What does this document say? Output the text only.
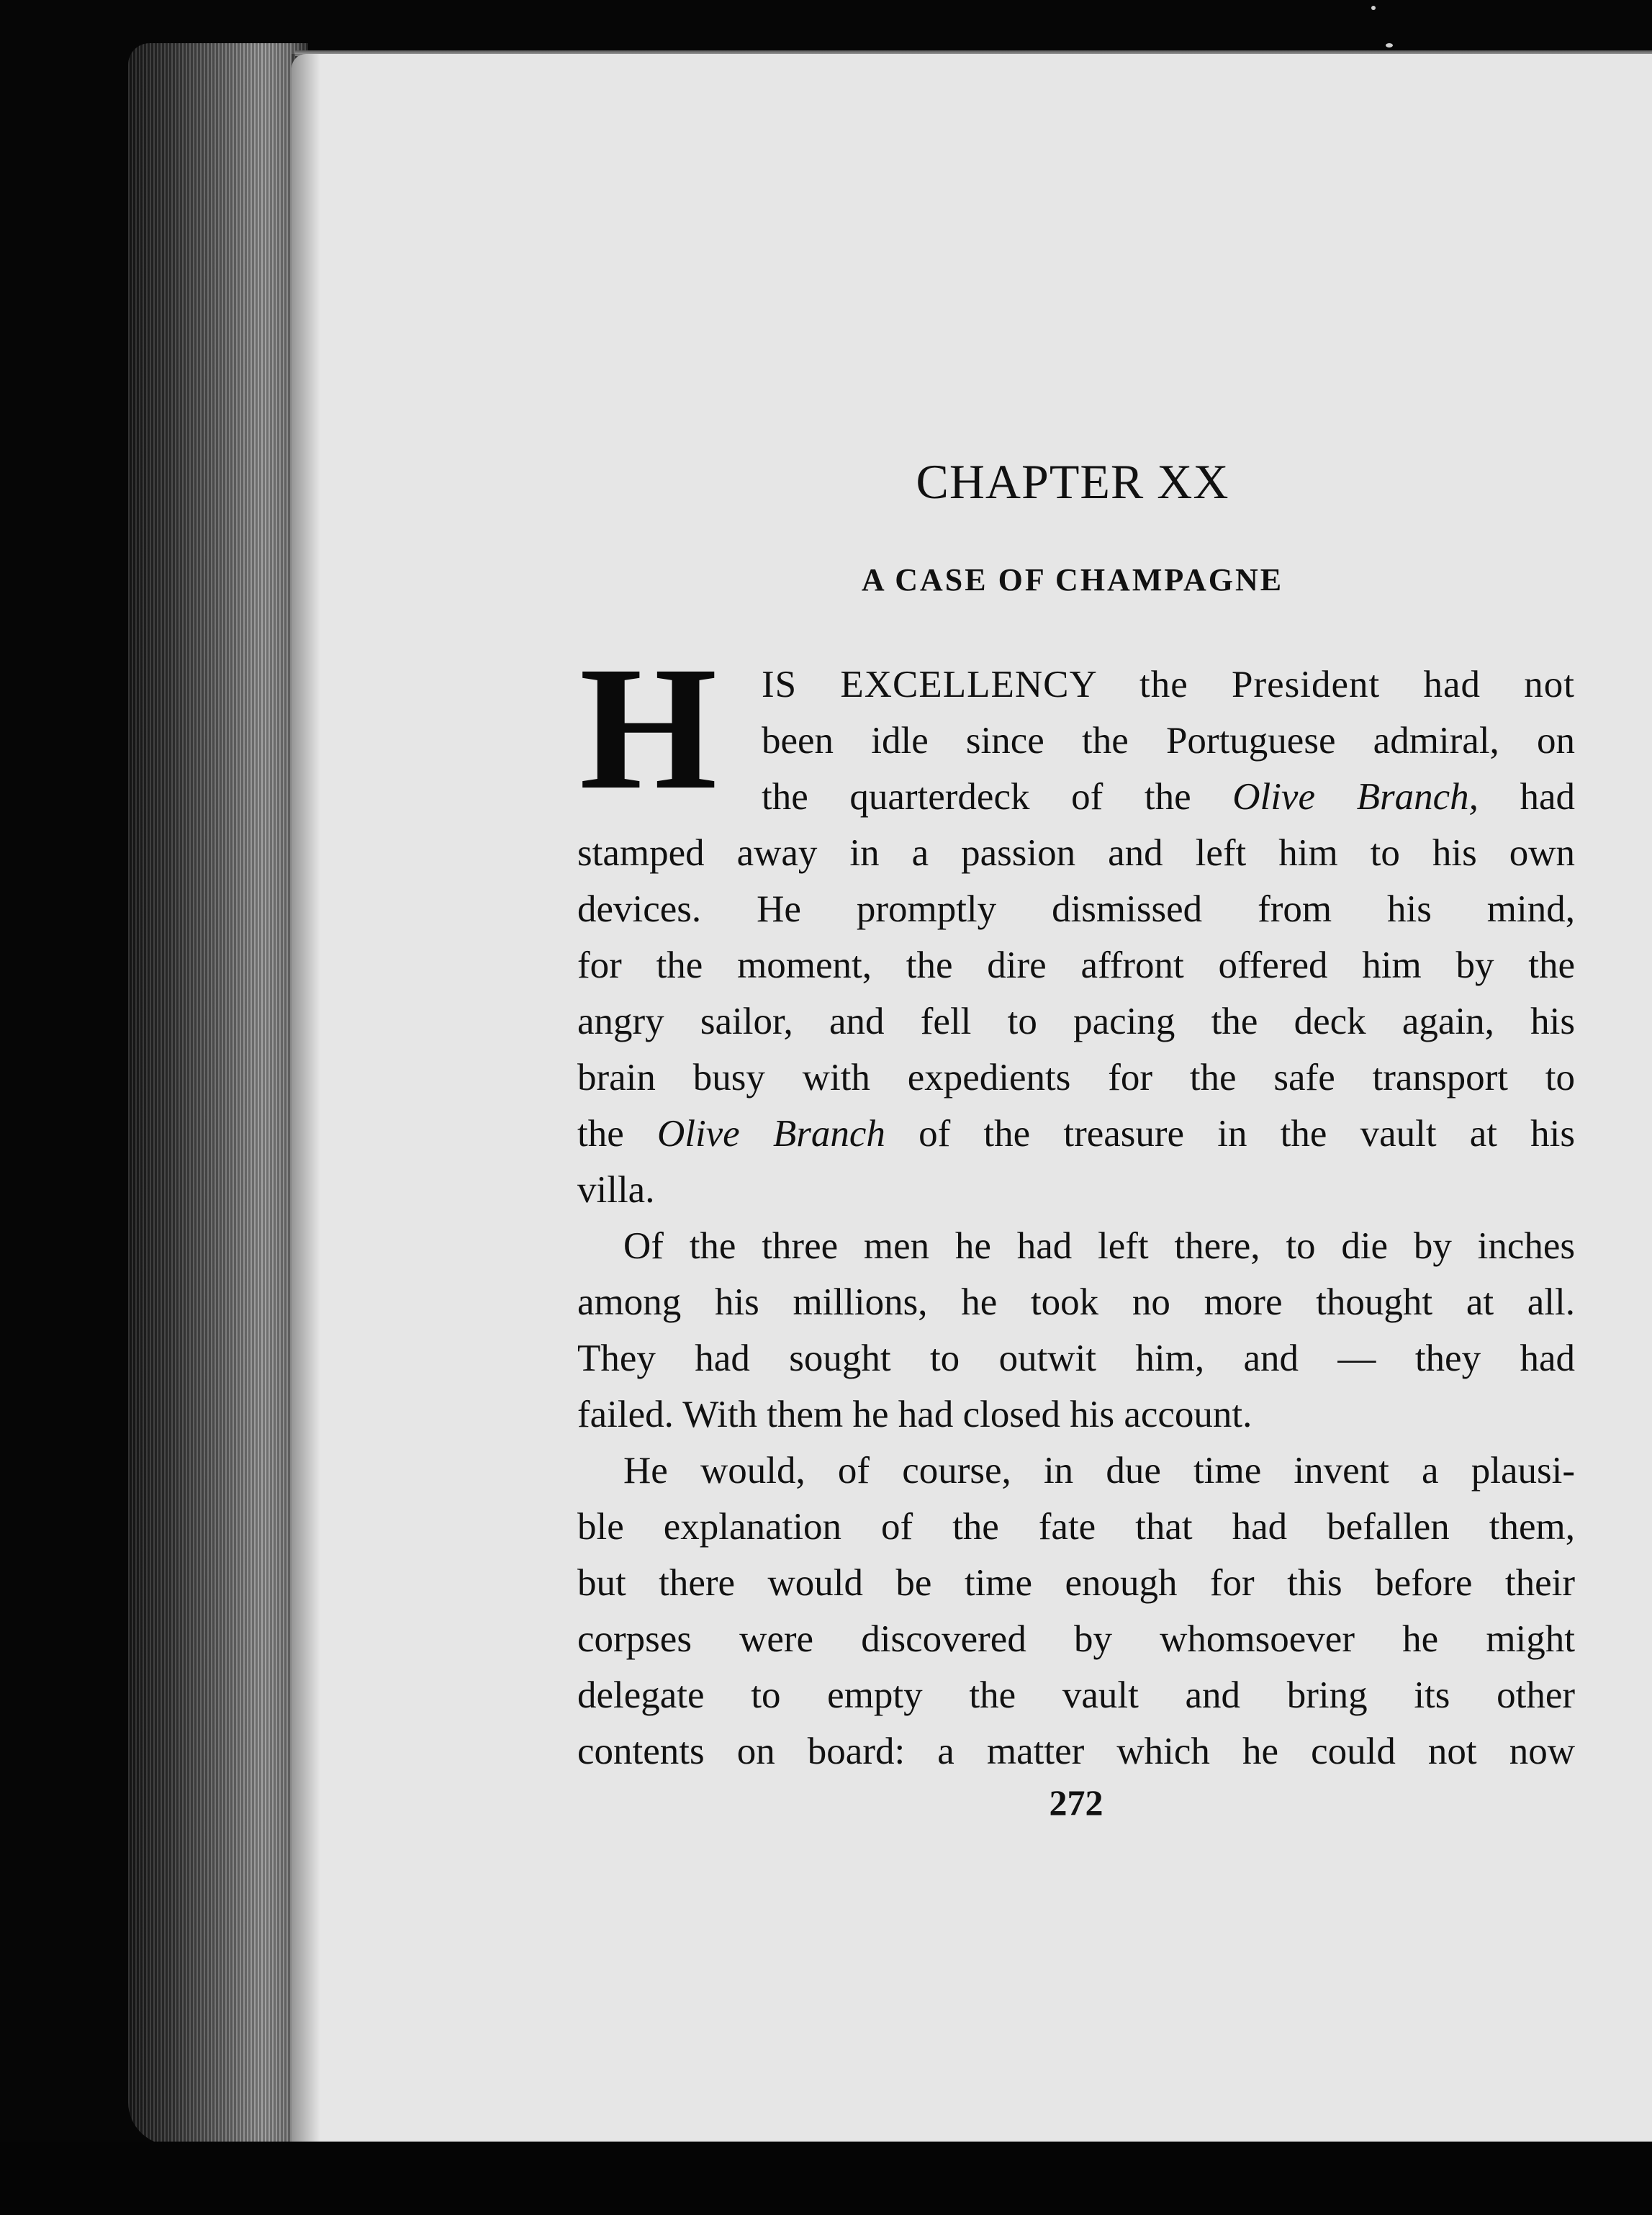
CHAPTER XX
A CASE OF CHAMPAGNE
H IS EXCELLENCY the President had not
been idle since the Portuguese admiral, on
the quarterdeck of the Olive Branch, had
stamped away in a passion and left him to his own
devices. He promptly dismissed from his mind,
for the moment, the dire affront offered him by the
angry sailor, and fell to pacing the deck again, his
brain busy with expedients for the safe transport to
the Olive Branch of the treasure in the vault at his
villa.
Of the three men he had left there, to die by inches
among his millions, he took no more thought at all.
They had sought to outwit him, and — they had
failed. With them he had closed his account.
He would, of course, in due time invent a plausi-
ble explanation of the fate that had befallen them,
but there would be time enough for this before their
corpses were discovered by whomsoever he might
delegate to empty the vault and bring its other
contents on board: a matter which he could not now
272
